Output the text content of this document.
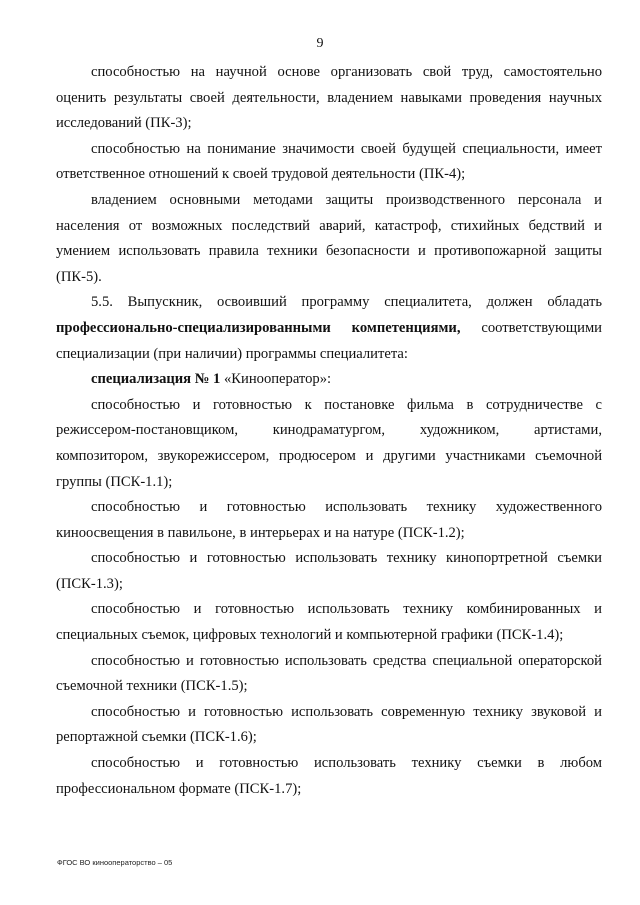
9

способностью на научной основе организовать свой труд, самостоятельно оценить результаты своей деятельности, владением навыками проведения научных исследований (ПК-3);

способностью на понимание значимости своей будущей специальности, имеет ответственное отношений к своей трудовой деятельности (ПК-4);

владением основными методами защиты производственного персонала и населения от возможных последствий аварий, катастроф, стихийных бедствий и умением использовать правила техники безопасности и противопожарной защиты (ПК-5).

5.5. Выпускник, освоивший программу специалитета, должен обладать профессионально-специализированными компетенциями, соответствующими специализации (при наличии) программы специалитета:

специализация № 1 «Кинооператор»:

способностью и готовностью к постановке фильма в сотрудничестве с режиссером-постановщиком, кинодраматургом, художником, артистами, композитором, звукорежиссером, продюсером и другими участниками съемочной группы (ПСК-1.1);

способностью и готовностью использовать технику художественного киноосвещения в павильоне, в интерьерах и на натуре (ПСК-1.2);

способностью и готовностью использовать технику кинопортретной съемки (ПСК-1.3);

способностью и готовностью использовать технику комбинированных и специальных съемок, цифровых технологий и компьютерной графики (ПСК-1.4);

способностью и готовностью использовать средства специальной операторской съемочной техники (ПСК-1.5);

способностью и готовностью использовать современную технику звуковой и репортажной съемки (ПСК-1.6);

способностью и готовностью использовать технику съемки в любом профессиональном формате (ПСК-1.7);

ФГОС ВО кинооператорство – 05
